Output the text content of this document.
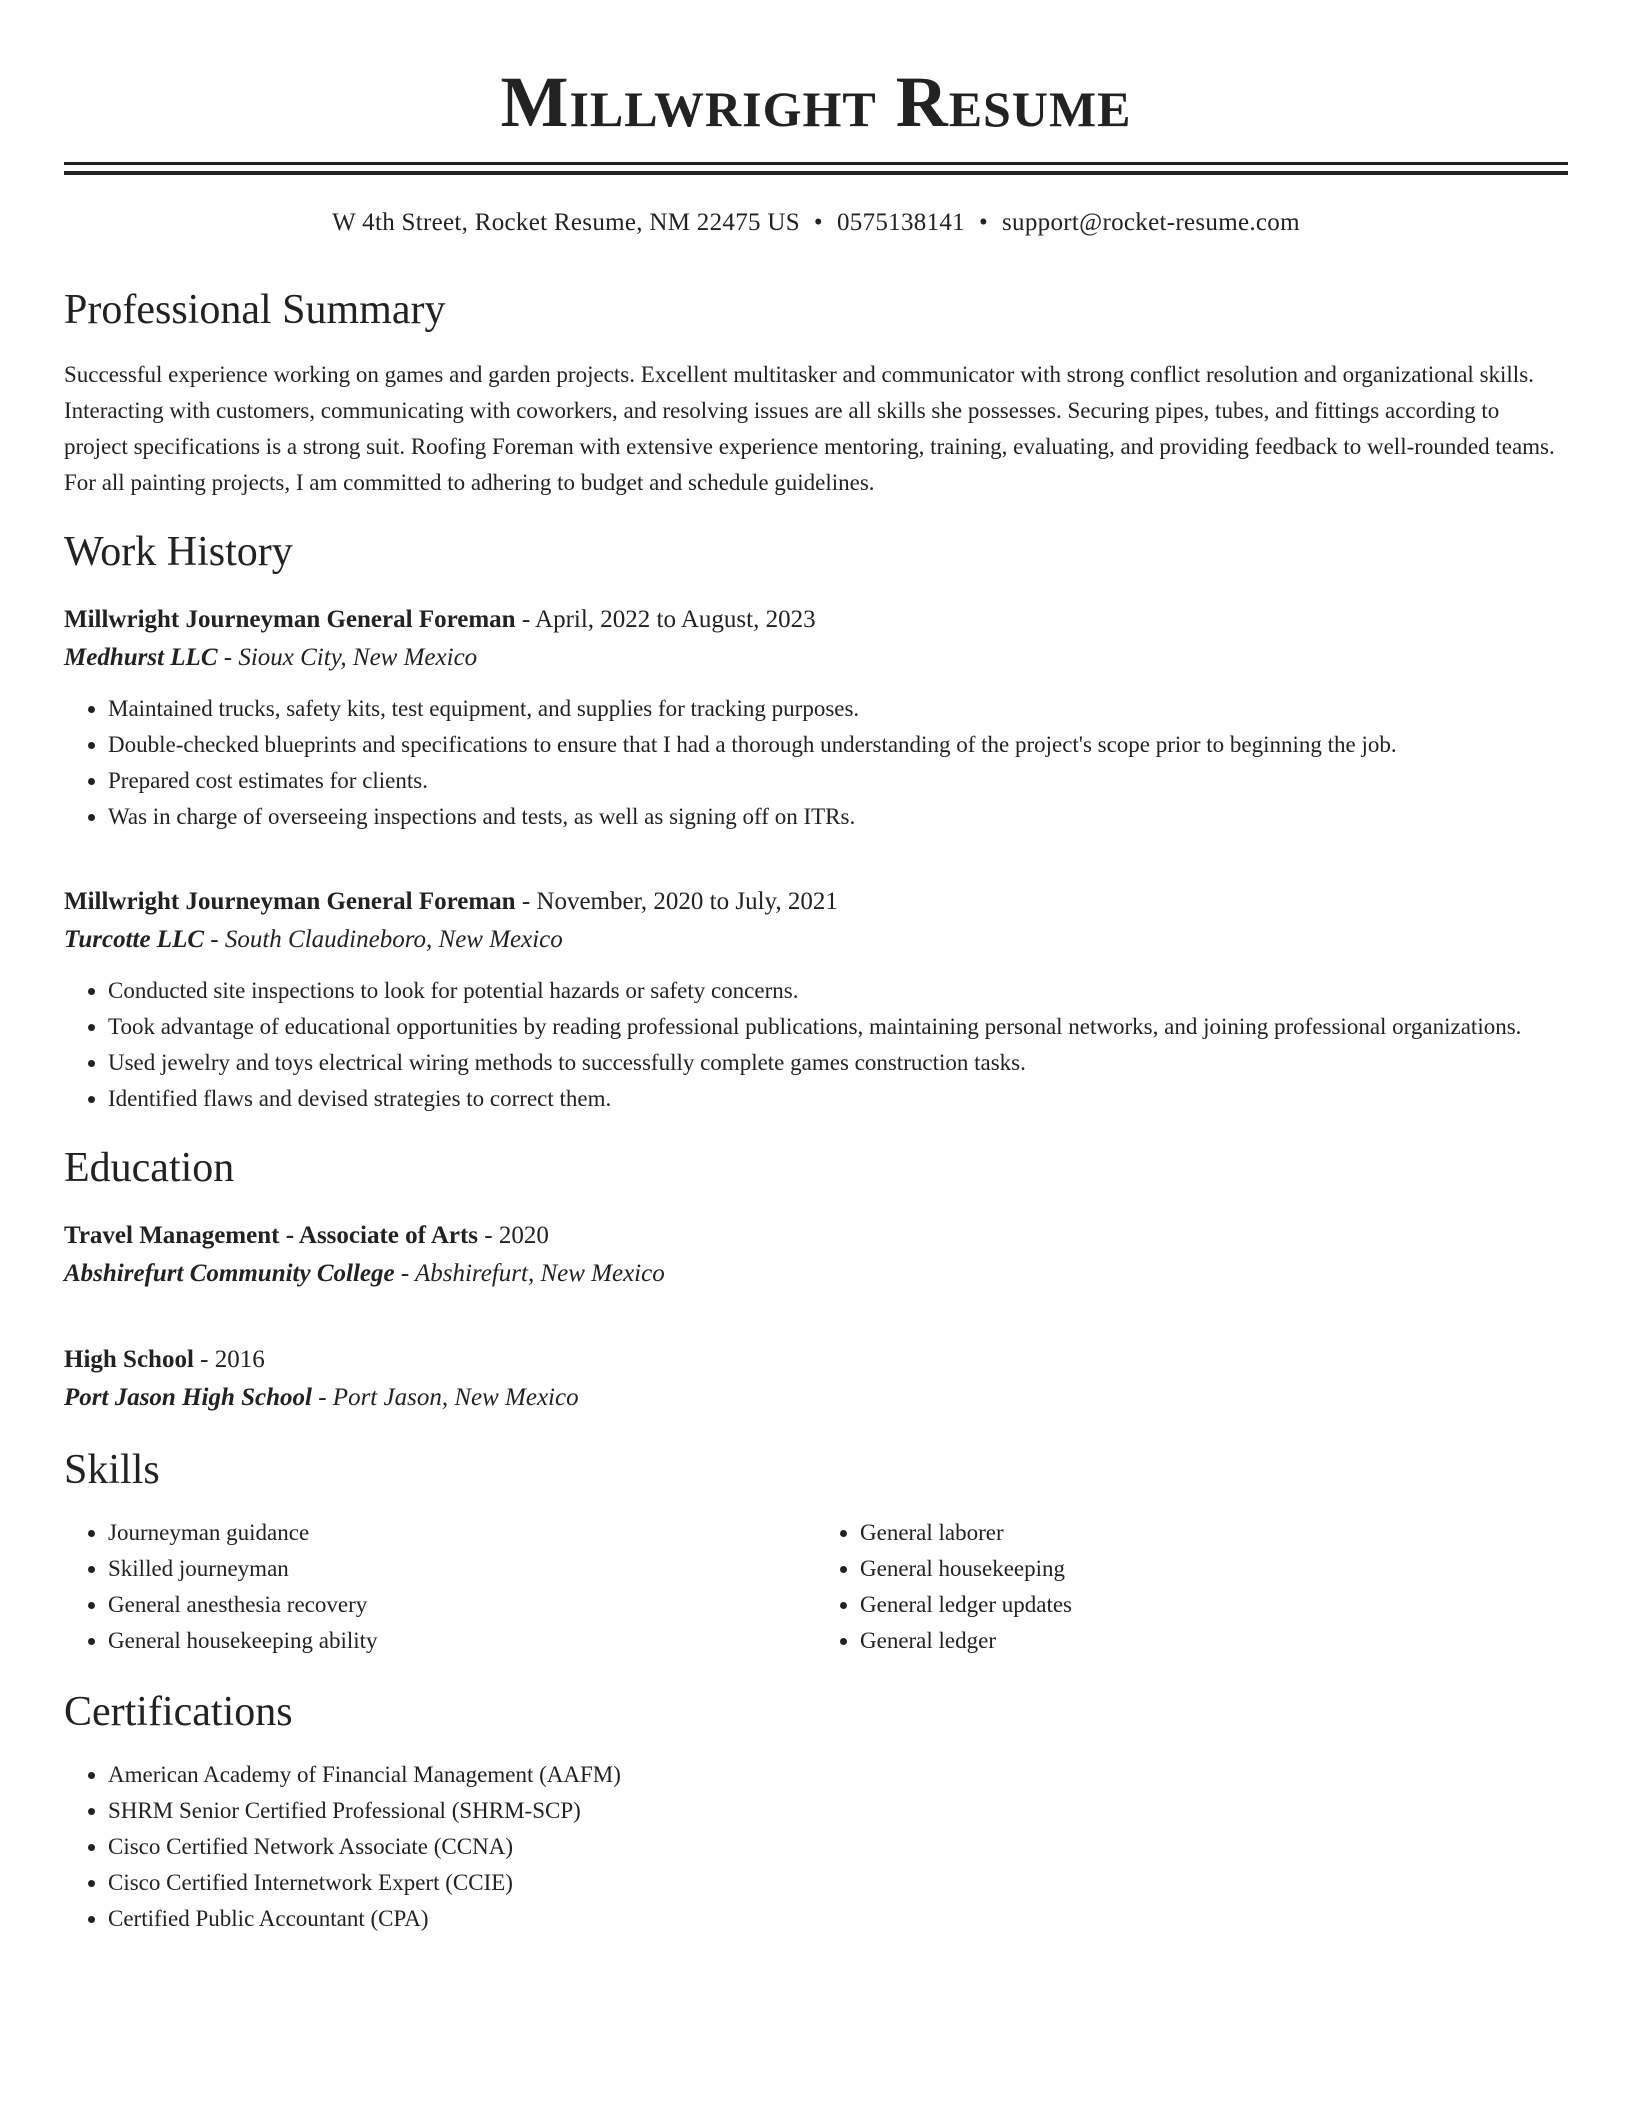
Millwright Resume
W 4th Street, Rocket Resume, NM 22475 US • 0575138141 • support@rocket-resume.com
Professional Summary
Successful experience working on games and garden projects. Excellent multitasker and communicator with strong conflict resolution and organizational skills. Interacting with customers, communicating with coworkers, and resolving issues are all skills she possesses. Securing pipes, tubes, and fittings according to project specifications is a strong suit. Roofing Foreman with extensive experience mentoring, training, evaluating, and providing feedback to well-rounded teams. For all painting projects, I am committed to adhering to budget and schedule guidelines.
Work History
Millwright Journeyman General Foreman - April, 2022 to August, 2023
Medhurst LLC - Sioux City, New Mexico
• Maintained trucks, safety kits, test equipment, and supplies for tracking purposes.
• Double-checked blueprints and specifications to ensure that I had a thorough understanding of the project's scope prior to beginning the job.
• Prepared cost estimates for clients.
• Was in charge of overseeing inspections and tests, as well as signing off on ITRs.
Millwright Journeyman General Foreman - November, 2020 to July, 2021
Turcotte LLC - South Claudineboro, New Mexico
• Conducted site inspections to look for potential hazards or safety concerns.
• Took advantage of educational opportunities by reading professional publications, maintaining personal networks, and joining professional organizations.
• Used jewelry and toys electrical wiring methods to successfully complete games construction tasks.
• Identified flaws and devised strategies to correct them.
Education
Travel Management - Associate of Arts - 2020
Abshirefurt Community College - Abshirefurt, New Mexico
High School - 2016
Port Jason High School - Port Jason, New Mexico
Skills
• Journeyman guidance
• Skilled journeyman
• General anesthesia recovery
• General housekeeping ability
• General laborer
• General housekeeping
• General ledger updates
• General ledger
Certifications
• American Academy of Financial Management (AAFM)
• SHRM Senior Certified Professional (SHRM-SCP)
• Cisco Certified Network Associate (CCNA)
• Cisco Certified Internetwork Expert (CCIE)
• Certified Public Accountant (CPA)
